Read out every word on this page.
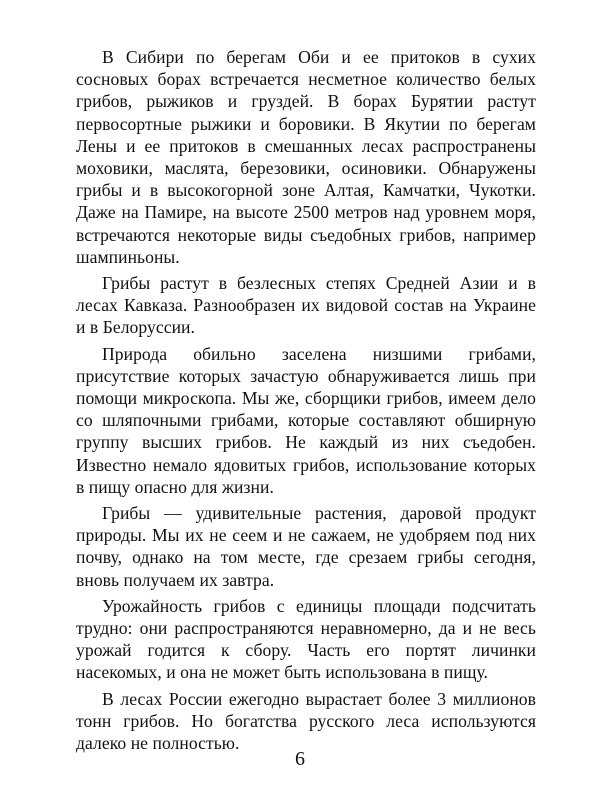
В Сибири по берегам Оби и ее притоков в сухих сосновых борах встречается несметное количество белых грибов, рыжиков и груздей. В борах Бурятии растут первосортные рыжики и боровики. В Якутии по берегам Лены и ее притоков в смешанных лесах распространены моховики, маслята, березовики, осиновики. Обнаружены грибы и в высокогорной зоне Алтая, Камчатки, Чукотки. Даже на Памире, на высоте 2500 метров над уровнем моря, встречаются некоторые виды съедобных грибов, например шампиньоны.

Грибы растут в безлесных степях Средней Азии и в лесах Кавказа. Разнообразен их видовой состав на Украине и в Белоруссии.

Природа обильно заселена низшими грибами, присутствие которых зачастую обнаруживается лишь при помощи микроскопа. Мы же, сборщики грибов, имеем дело со шляпочными грибами, которые составляют обширную группу высших грибов. Не каждый из них съедобен. Известно немало ядовитых грибов, использование которых в пищу опасно для жизни.

Грибы — удивительные растения, даровой продукт природы. Мы их не сеем и не сажаем, не удобряем под них почву, однако на том месте, где срезаем грибы сегодня, вновь получаем их завтра.

Урожайность грибов с единицы площади подсчитать трудно: они распространяются неравномерно, да и не весь урожай годится к сбору. Часть его портят личинки насекомых, и она не может быть использована в пищу.

В лесах России ежегодно вырастает более 3 миллионов тонн грибов. Но богатства русского леса используются далеко не полностью.

6
